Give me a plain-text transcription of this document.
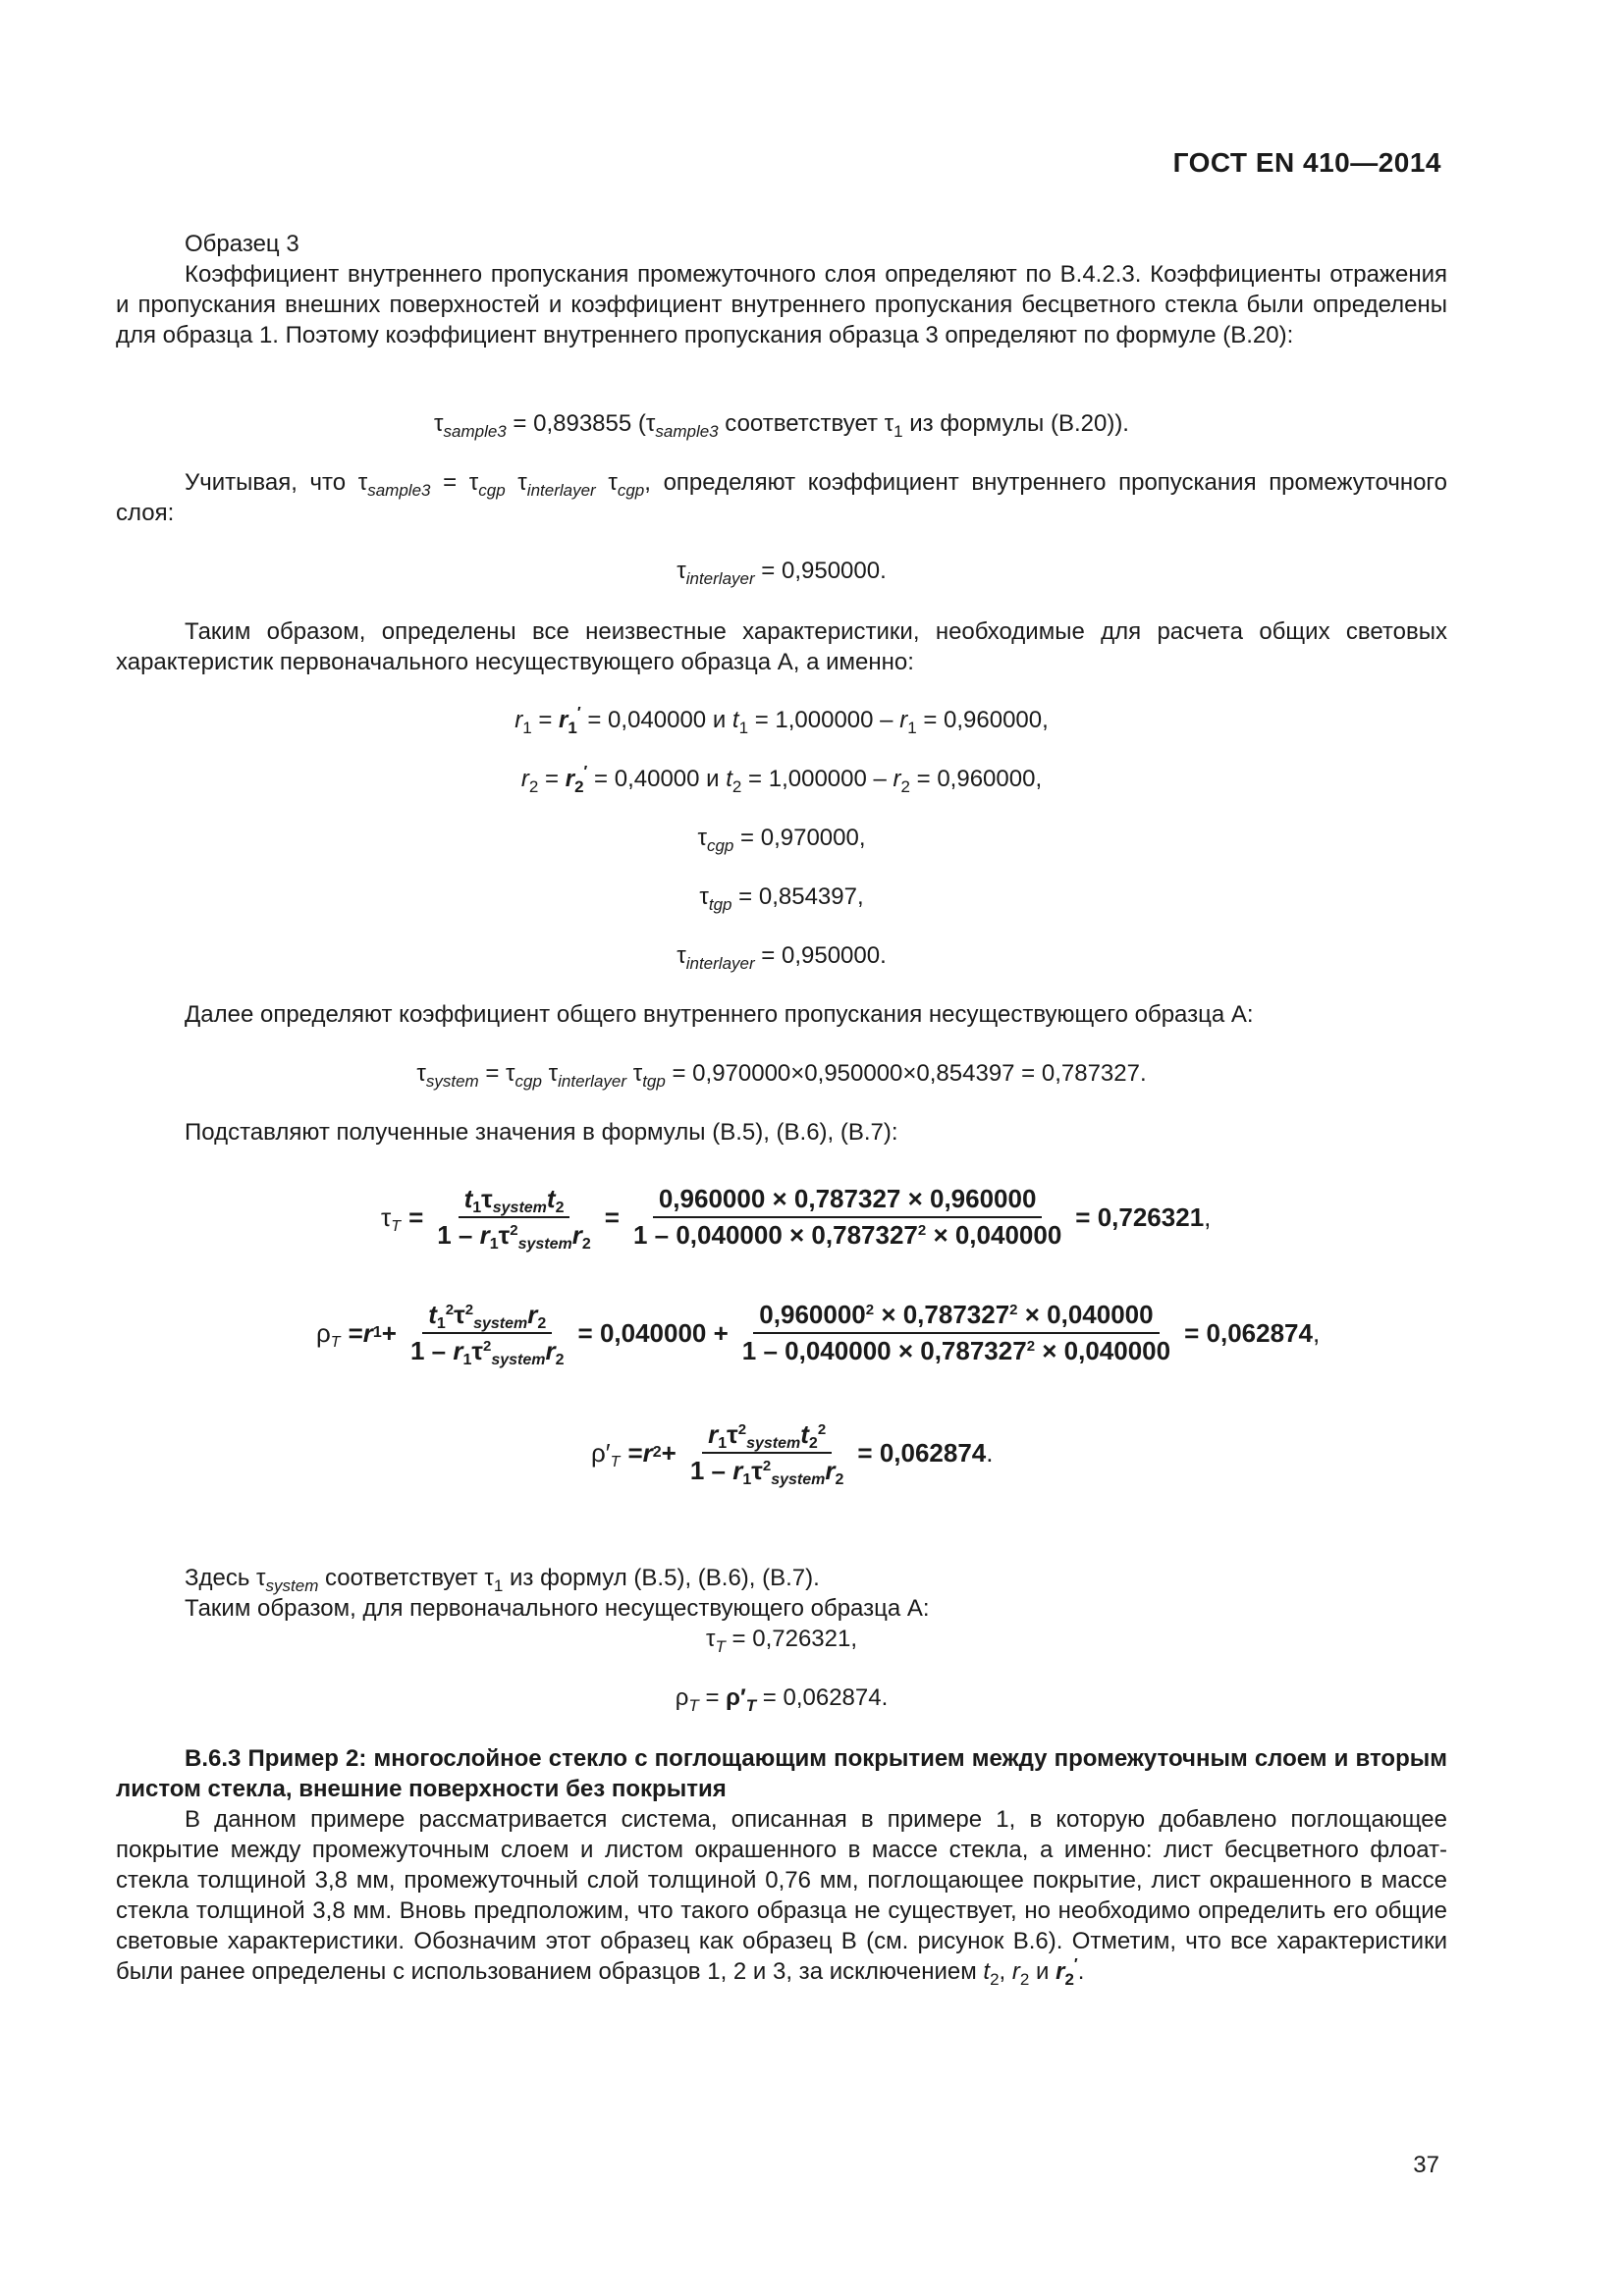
ГОСТ EN 410—2014
Образец 3
Коэффициент внутреннего пропускания промежуточного слоя определяют по В.4.2.3. Коэффициенты отражения и пропускания внешних поверхностей и коэффициент внутреннего пропускания бесцветного стекла были определены для образца 1. Поэтому коэффициент внутреннего пропускания образца 3 определяют по формуле (В.20):
$\tau_{sample3} = 0,893855$ ($\tau_{sample3}$ соответствует $\tau_1$ из формулы (В.20)).
Учитывая, что $\tau_{sample3} = \tau_{cgp}$ $\tau_{interlayer}$ $\tau_{cgp}$, определяют коэффициент внутреннего пропускания промежуточного слоя:
$\tau_{interlayer} = 0,950000$.
Таким образом, определены все неизвестные характеристики, необходимые для расчета общих световых характеристик первоначального несуществующего образца А, а именно:
$r_1 = r_1' = 0,040000$ и $t_1 = 1,000000 - r_1 = 0,960000$,
$r_2 = r_2' = 0,40000$ и $t_2 = 1,000000 - r_2 = 0,960000$,
$\tau_{cgp} = 0,970000$,
$\tau_{tgp} = 0,854397$,
$\tau_{interlayer} = 0,950000$.
Далее определяют коэффициент общего внутреннего пропускания несуществующего образца А:
$\tau_{system} = \tau_{cgp}$ $\tau_{interlayer}$ $\tau_{tgp} = 0,970000\times 0,950000\times 0,854397 = 0,787327$.
Подставляют полученные значения в формулы (В.5), (В.6), (В.7):
$\tau_T = \frac{t_1\tau_{system}t_2}{1 - r_1\tau^2_{system}r_2} = \frac{0,960000 \times 0,787327 \times 0,960000}{1 - 0,040000 \times 0,787327^2 \times 0,040000} = 0,726321$ ,
$\rho_T = r$ $1 + \frac{t_1^2\tau^2_{system}r_2}{1 - r_1\tau^2_{system}r_2} = 0,040000 + \frac{0,960000^2 \times 0,787327^2 \times 0,040000}{1 - 0,040000 \times 0,787327^2 \times 0,040000} = 0,062874$ ,
$\rho'_T = r$ $2 + \frac{r_1\tau^2_{system}t_2^2}{1 - r_1\tau^2_{system}r_2} = 0,062874$ .
Здесь $\tau_{system}$ соответствует $\tau_1$ из формул (В.5), (В.6), (В.7).
Таким образом, для первоначального несуществующего образца А:
$\tau_T = 0,726321$,
$\rho_T = \rho'_T = 0,062874$.
В.6.3 Пример 2: многослойное стекло с поглощающим покрытием между промежуточным слоем и вторым листом стекла, внешние поверхности без покрытия
В данном примере рассматривается система, описанная в примере 1, в которую добавлено поглощающее покрытие между промежуточным слоем и листом окрашенного в массе стекла, а именно: лист бесцветного флоат-стекла толщиной 3,8 мм, промежуточный слой толщиной 0,76 мм, поглощающее покрытие, лист окрашенного в массе стекла толщиной 3,8 мм. Вновь предположим, что такого образца не существует, но необходимо определить его общие световые характеристики. Обозначим этот образец как образец B (см. рисунок В.6). Отметим, что все характеристики были ранее определены с использованием образцов 1, 2 и 3, за исключением $t_2$, $r_2$ и $r_2'$.
37
